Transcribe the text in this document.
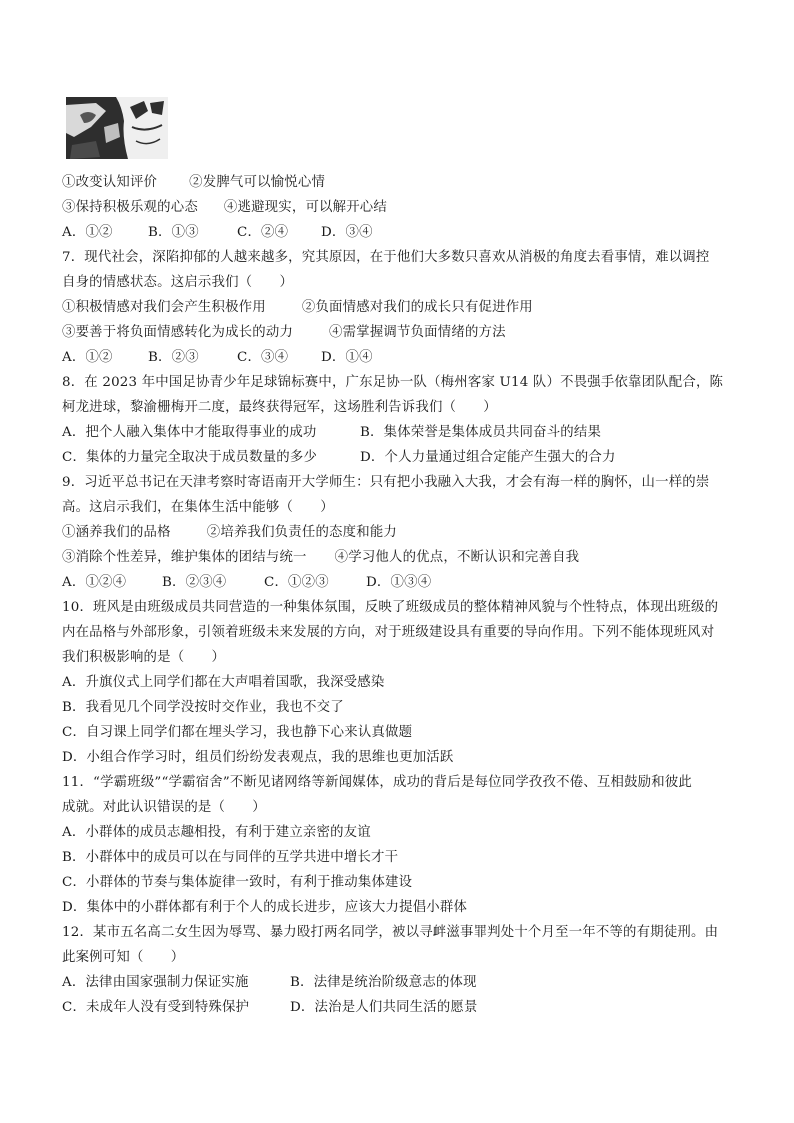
①改变认知评价 ②发脾气可以愉悦心情
③保持积极乐观的心态 ④逃避现实，可以解开心结
A．①②	B．①③	C．②④ D．③④
7．现代社会，深陷抑郁的人越来越多，究其原因，在于他们大多数只喜欢从消极的角度去看事情，难以调控
自身的情感状态。这启示我们（　　）
①积极情感对我们会产生积极作用	②负面情感对我们的成长只有促进作用
③要善于将负面情感转化为成长的动力	④需掌握调节负面情绪的方法
A．①②	B．②③	C．③④ D．①④
8．在 2023 年中国足协青少年足球锦标赛中，广东足协一队（梅州客家 U14 队）不畏强手依靠团队配合，陈
柯龙进球，黎渝栅梅开二度，最终获得冠军，这场胜利告诉我们（　　）
A．把个人融入集体中才能取得事业的成功	B．集体荣誉是集体成员共同奋斗的结果
C．集体的力量完全取决于成员数量的多少	D．个人力量通过组合定能产生强大的合力
9．习近平总书记在天津考察时寄语南开大学师生：只有把小我融入大我，才会有海一样的胸怀，山一样的崇
高。这启示我们，在集体生活中能够（　　）
①涵养我们的品格	②培养我们负责任的态度和能力
③消除个性差异，维护集体的团结与统一 ④学习他人的优点，不断认识和完善自我
A．①②④	B．②③④	C．①②③	D．①③④
10．班风是由班级成员共同营造的一种集体氛围，反映了班级成员的整体精神风貌与个性特点，体现出班级的
内在品格与外部形象，引领着班级未来发展的方向，对于班级建设具有重要的导向作用。下列不能体现班风对
我们积极影响的是（　　）
A．升旗仪式上同学们都在大声唱着国歌，我深受感染
B．我看见几个同学没按时交作业，我也不交了
C．自习课上同学们都在埋头学习，我也静下心来认真做题
D．小组合作学习时，组员们纷纷发表观点，我的思维也更加活跃
11．“学霸班级”“学霸宿舍”不断见诸网络等新闻媒体，成功的背后是每位同学孜孜不倦、互相鼓励和彼此
成就。对此认识错误的是（　　）
A．小群体的成员志趣相投，有利于建立亲密的友谊
B．小群体中的成员可以在与同伴的互学共进中增长才干
C．小群体的节奏与集体旋律一致时，有利于推动集体建设
D．集体中的小群体都有利于个人的成长进步，应该大力提倡小群体
12．某市五名高二女生因为辱骂、暴力殴打两名同学，被以寻衅滋事罪判处十个月至一年不等的有期徒刑。由
此案例可知（　　）
A．法律由国家强制力保证实施	B．法律是统治阶级意志的体现
C．未成年人没有受到特殊保护	D．法治是人们共同生活的愿景
